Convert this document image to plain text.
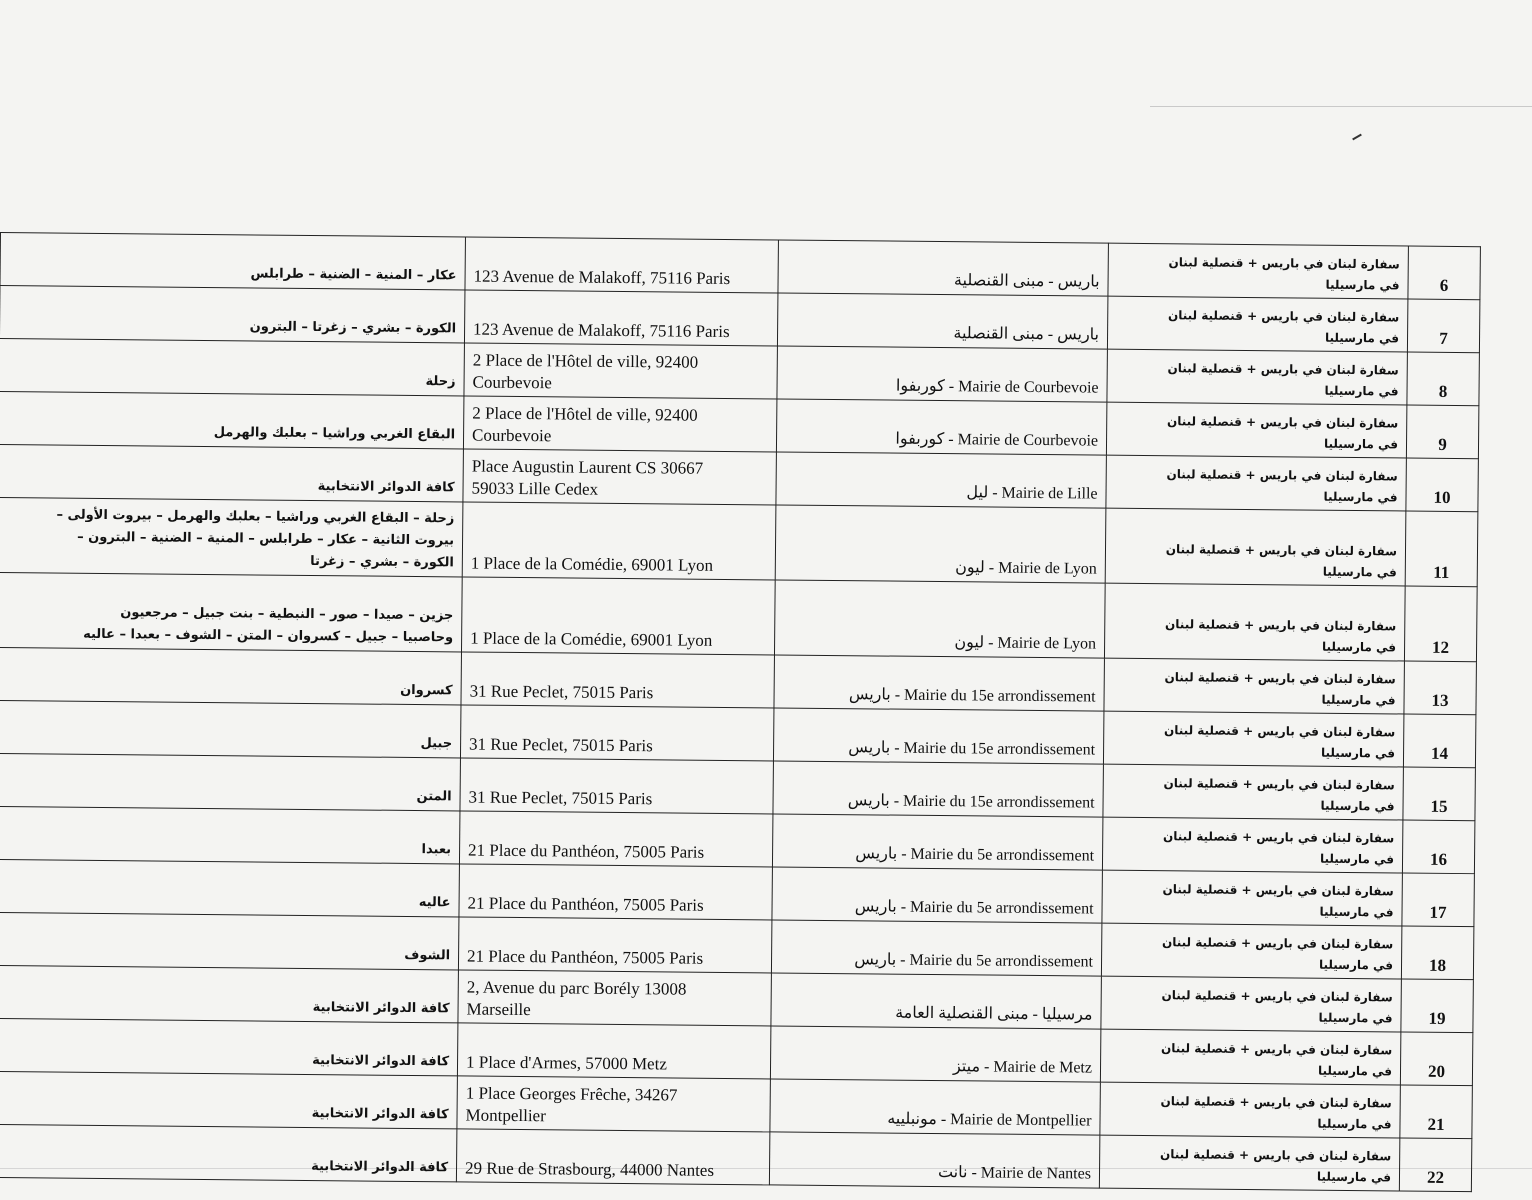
عكار – المنية – الضنية – طرابلس	123 Avenue de Malakoff, 75116 Paris	باريس - مبنى القنصلية	سفارة لبنان في باريس + قنصلية لبنان
في مارسيليا	6

الكورة – بشري – زغرتا – البترون	123 Avenue de Malakoff, 75116 Paris	باريس - مبنى القنصلية	سفارة لبنان في باريس + قنصلية لبنان
في مارسيليا	7

زحلة	2 Place de l'Hôtel de ville, 92400
Courbevoie	Mairie de Courbevoie - كوربفوا	سفارة لبنان في باريس + قنصلية لبنان
في مارسيليا	8

البقاع الغربي وراشيا – بعلبك والهرمل	2 Place de l'Hôtel de ville, 92400
Courbevoie	Mairie de Courbevoie - كوربفوا	سفارة لبنان في باريس + قنصلية لبنان
في مارسيليا	9

كافة الدوائر الانتخابية	Place Augustin Laurent CS 30667
59033 Lille Cedex	Mairie de Lille - ليل	سفارة لبنان في باريس + قنصلية لبنان
في مارسيليا	10

زحلة – البقاع الغربي وراشيا – بعلبك والهرمل – بيروت الأولى –
بيروت الثانية – عكار – طرابلس – المنية – الضنية – البترون –
الكورة – بشري – زغرتا	1 Place de la Comédie, 69001 Lyon	Mairie de Lyon - ليون	سفارة لبنان في باريس + قنصلية لبنان
في مارسيليا	11

جزين – صيدا – صور – النبطية – بنت جبيل – مرجعيون
وحاصبيا – جبيل – كسروان – المتن – الشوف – بعبدا – عاليه	1 Place de la Comédie, 69001 Lyon	Mairie de Lyon - ليون	سفارة لبنان في باريس + قنصلية لبنان
في مارسيليا	12

كسروان	31 Rue Peclet, 75015 Paris	Mairie du 15e arrondissement - باريس	سفارة لبنان في باريس + قنصلية لبنان
في مارسيليا	13

جبيل	31 Rue Peclet, 75015 Paris	Mairie du 15e arrondissement - باريس	سفارة لبنان في باريس + قنصلية لبنان
في مارسيليا	14

المتن	31 Rue Peclet, 75015 Paris	Mairie du 15e arrondissement - باريس	سفارة لبنان في باريس + قنصلية لبنان
في مارسيليا	15

بعبدا	21 Place du Panthéon, 75005 Paris	Mairie du 5e arrondissement - باريس	سفارة لبنان في باريس + قنصلية لبنان
في مارسيليا	16

عاليه	21 Place du Panthéon, 75005 Paris	Mairie du 5e arrondissement - باريس	سفارة لبنان في باريس + قنصلية لبنان
في مارسيليا	17

الشوف	21 Place du Panthéon, 75005 Paris	Mairie du 5e arrondissement - باريس	سفارة لبنان في باريس + قنصلية لبنان
في مارسيليا	18

كافة الدوائر الانتخابية	2, Avenue du parc Borély 13008
Marseille	مرسيليا - مبنى القنصلية العامة	سفارة لبنان في باريس + قنصلية لبنان
في مارسيليا	19

كافة الدوائر الانتخابية	1 Place d'Armes, 57000 Metz	Mairie de Metz - ميتز	سفارة لبنان في باريس + قنصلية لبنان
في مارسيليا	20

كافة الدوائر الانتخابية	1 Place Georges Frêche, 34267
Montpellier	Mairie de Montpellier - مونبلييه	سفارة لبنان في باريس + قنصلية لبنان
في مارسيليا	21

كافة الدوائر الانتخابية	29 Rue de Strasbourg, 44000 Nantes	Mairie de Nantes - نانت	سفارة لبنان في باريس + قنصلية لبنان
في مارسيليا	22
